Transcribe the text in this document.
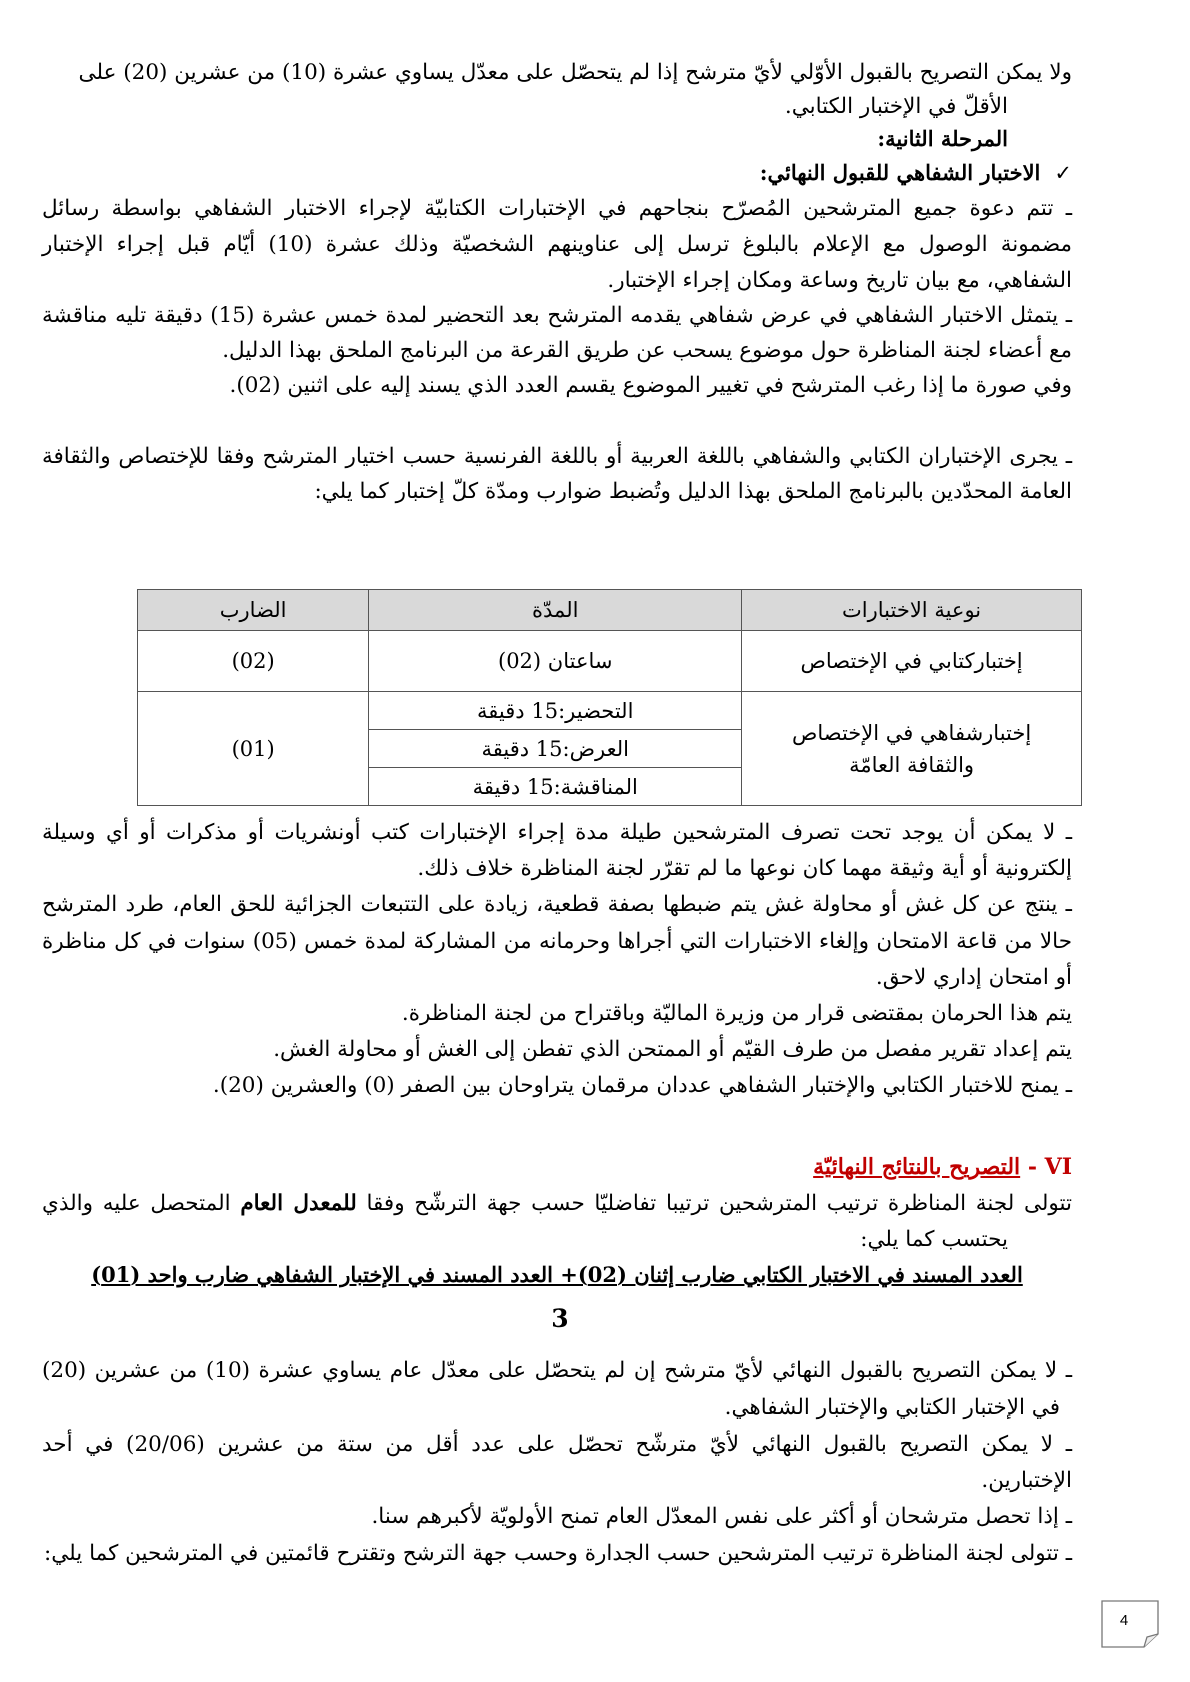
ولا يمكن التصريح بالقبول الأوّلي لأيّ مترشح إذا لم يتحصّل على معدّل يساوي عشرة (10) من عشرين (20) على
الأقلّ في الإختبار الكتابي.
المرحلة الثانية:
✓الاختبار الشفاهي للقبول النهائي:
ـ تتم دعوة جميع المترشحين المُصرّح بنجاحهم في الإختبارات الكتابيّة لإجراء الاختبار الشفاهي بواسطة رسائل
مضمونة الوصول مع الإعلام بالبلوغ ترسل إلى عناوينهم الشخصيّة وذلك عشرة (10) أيّام قبل إجراء الإختبار
الشفاهي، مع بيان تاريخ وساعة ومكان إجراء الإختبار.
ـ يتمثل الاختبار الشفاهي في عرض شفاهي يقدمه المترشح بعد التحضير لمدة خمس عشرة (15) دقيقة تليه مناقشة
مع أعضاء لجنة المناظرة حول موضوع يسحب عن طريق القرعة من البرنامج الملحق بهذا الدليل.
وفي صورة ما إذا رغب المترشح في تغيير الموضوع يقسم العدد الذي يسند إليه على اثنين (02).
ـ يجرى الإختباران الكتابي والشفاهي باللغة العربية أو باللغة الفرنسية حسب اختيار المترشح وفقا للإختصاص والثقافة
العامة المحدّدين بالبرنامج الملحق بهذا الدليل وتُضبط ضوارب ومدّة كلّ إختبار كما يلي:
نوعية الاختبارات	المدّة	الضارب
إختباركتابي في الإختصاص	ساعتان (02)	(02)

إختبارشفاهي في الإختصاص
والثقافة العامّة	التحضير:15 دقيقة	(01)
	العرض:15 دقيقة	
	المناقشة:15 دقيقة	
ـ لا يمكن أن يوجد تحت تصرف المترشحين طيلة مدة إجراء الإختبارات كتب أونشريات أو مذكرات أو أي وسيلة
إلكترونية أو أية وثيقة مهما كان نوعها ما لم تقرّر لجنة المناظرة خلاف ذلك.
ـ ينتج عن كل غش أو محاولة غش يتم ضبطها بصفة قطعية، زيادة على التتبعات الجزائية للحق العام، طرد المترشح
حالا من قاعة الامتحان وإلغاء الاختبارات التي أجراها وحرمانه من المشاركة لمدة خمس (05) سنوات في كل مناظرة
أو امتحان إداري لاحق.
يتم هذا الحرمان بمقتضى قرار من وزيرة الماليّة وباقتراح من لجنة المناظرة.
يتم إعداد تقرير مفصل من طرف القيّم أو الممتحن الذي تفطن إلى الغش أو محاولة الغش.
ـ يمنح للاختبار الكتابي والإختبار الشفاهي عددان مرقمان يتراوحان بين الصفر (0) والعشرين (20).
VI - التصريح بالنتائج النهائيّة
تتولى لجنة المناظرة ترتيب المترشحين ترتيبا تفاضليّا حسب جهة الترشّح وفقا للمعدل العام المتحصل عليه والذي
يحتسب كما يلي:
العدد المسند في الاختبار الكتابي ضارب إثنان (02)+ العدد المسند في الإختبار الشفاهي ضارب واحد (01)
3
ـ لا يمكن التصريح بالقبول النهائي لأيّ مترشح إن لم يتحصّل على معدّل عام يساوي عشرة (10) من عشرين (20)
في الإختبار الكتابي والإختبار الشفاهي.
ـ لا يمكن التصريح بالقبول النهائي لأيّ مترشّح تحصّل على عدد أقل من ستة من عشرين (20/06) في أحد
الإختبارين.
ـ إذا تحصل مترشحان أو أكثر على نفس المعدّل العام تمنح الأولويّة لأكبرهم سنا.
ـ تتولى لجنة المناظرة ترتيب المترشحين حسب الجدارة وحسب جهة الترشح وتقترح قائمتين في المترشحين كما يلي:
4
